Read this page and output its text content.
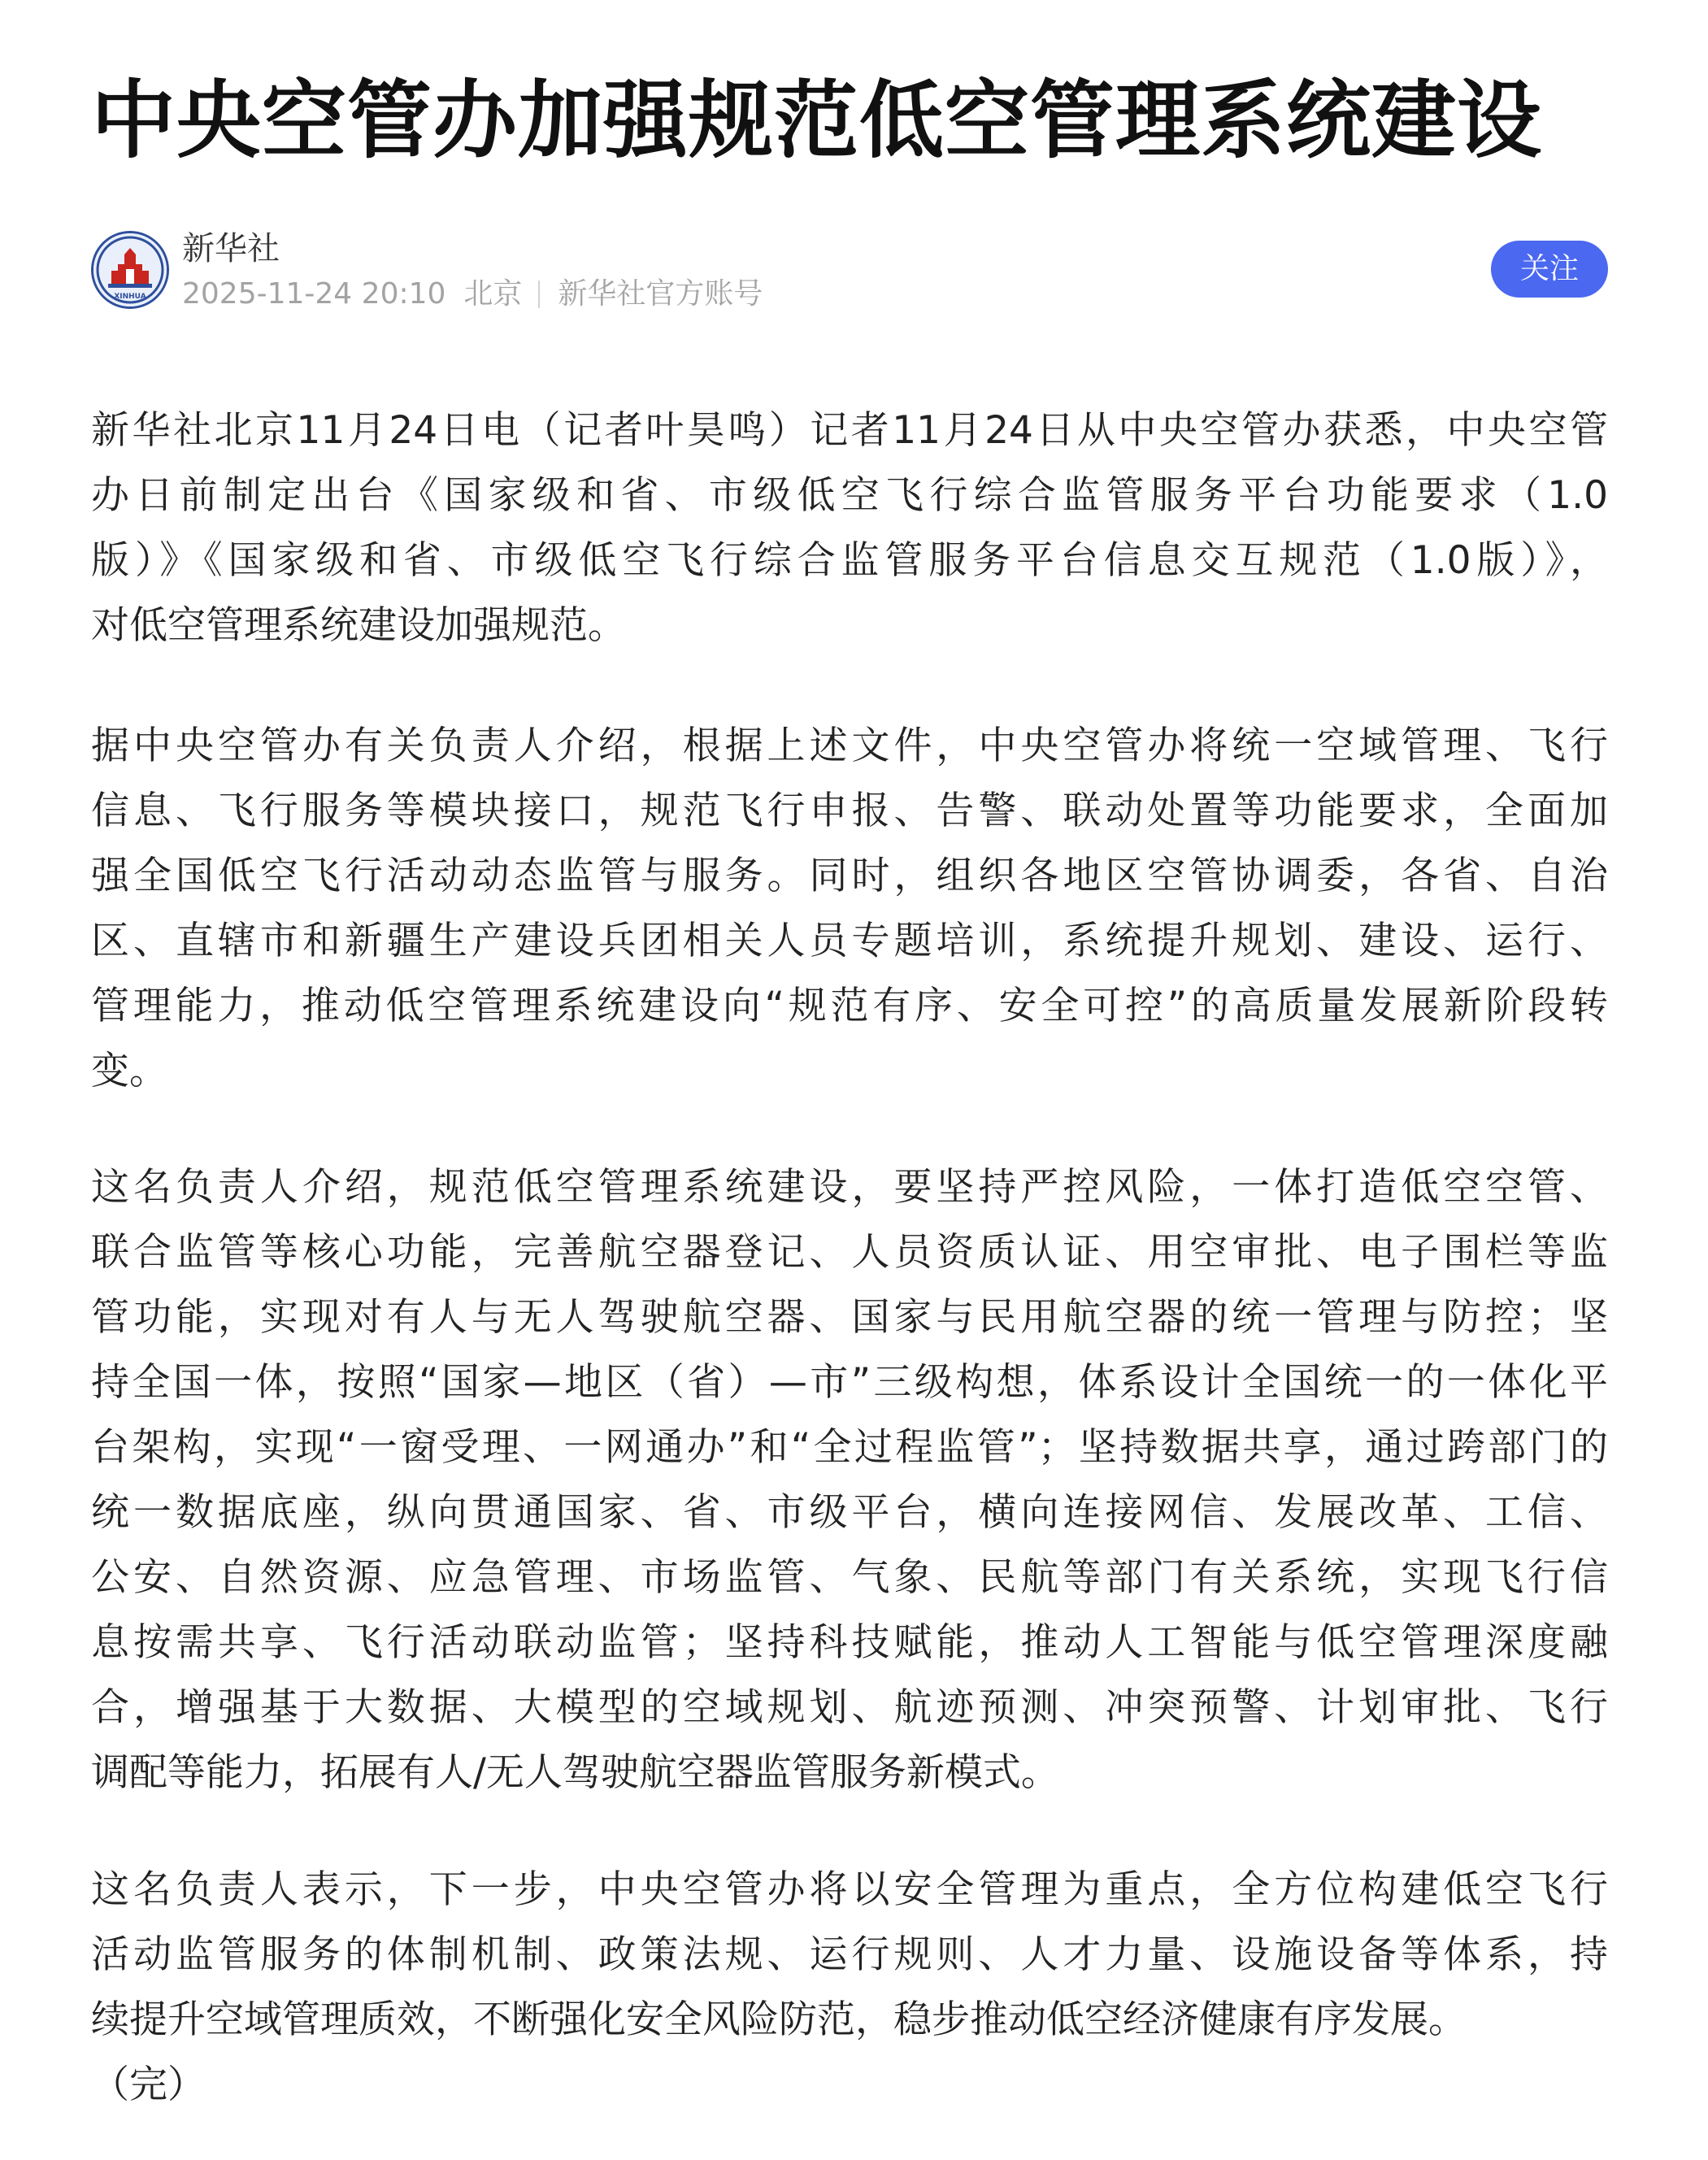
中央空管办加强规范低空管理系统建设
XINHUA
新华社
2025-11-24 20:10 北京 新华社官方账号
关注

新华社北京11月24日电（记者叶昊鸣）记者11月24日从中央空管办获悉，中央空管
办日前制定出台《国家级和省、市级低空飞行综合监管服务平台功能要求（1.0
版）》《国家级和省、市级低空飞行综合监管服务平台信息交互规范（1.0版）》，
对低空管理系统建设加强规范。

据中央空管办有关负责人介绍，根据上述文件，中央空管办将统一空域管理、飞行
信息、飞行服务等模块接口，规范飞行申报、告警、联动处置等功能要求，全面加
强全国低空飞行活动动态监管与服务。同时，组织各地区空管协调委，各省、自治
区、直辖市和新疆生产建设兵团相关人员专题培训，系统提升规划、建设、运行、
管理能力，推动低空管理系统建设向“规范有序、安全可控”的高质量发展新阶段转
变。

这名负责人介绍，规范低空管理系统建设，要坚持严控风险，一体打造低空空管、
联合监管等核心功能，完善航空器登记、人员资质认证、用空审批、电子围栏等监
管功能，实现对有人与无人驾驶航空器、国家与民用航空器的统一管理与防控；坚
持全国一体，按照“国家—地区（省）—市”三级构想，体系设计全国统一的一体化平
台架构，实现“一窗受理、一网通办”和“全过程监管”；坚持数据共享，通过跨部门的
统一数据底座，纵向贯通国家、省、市级平台，横向连接网信、发展改革、工信、
公安、自然资源、应急管理、市场监管、气象、民航等部门有关系统，实现飞行信
息按需共享、飞行活动联动监管；坚持科技赋能，推动人工智能与低空管理深度融
合，增强基于大数据、大模型的空域规划、航迹预测、冲突预警、计划审批、飞行
调配等能力，拓展有人/无人驾驶航空器监管服务新模式。

这名负责人表示，下一步，中央空管办将以安全管理为重点，全方位构建低空飞行
活动监管服务的体制机制、政策法规、运行规则、人才力量、设施设备等体系，持
续提升空域管理质效，不断强化安全风险防范，稳步推动低空经济健康有序发展。
（完）
